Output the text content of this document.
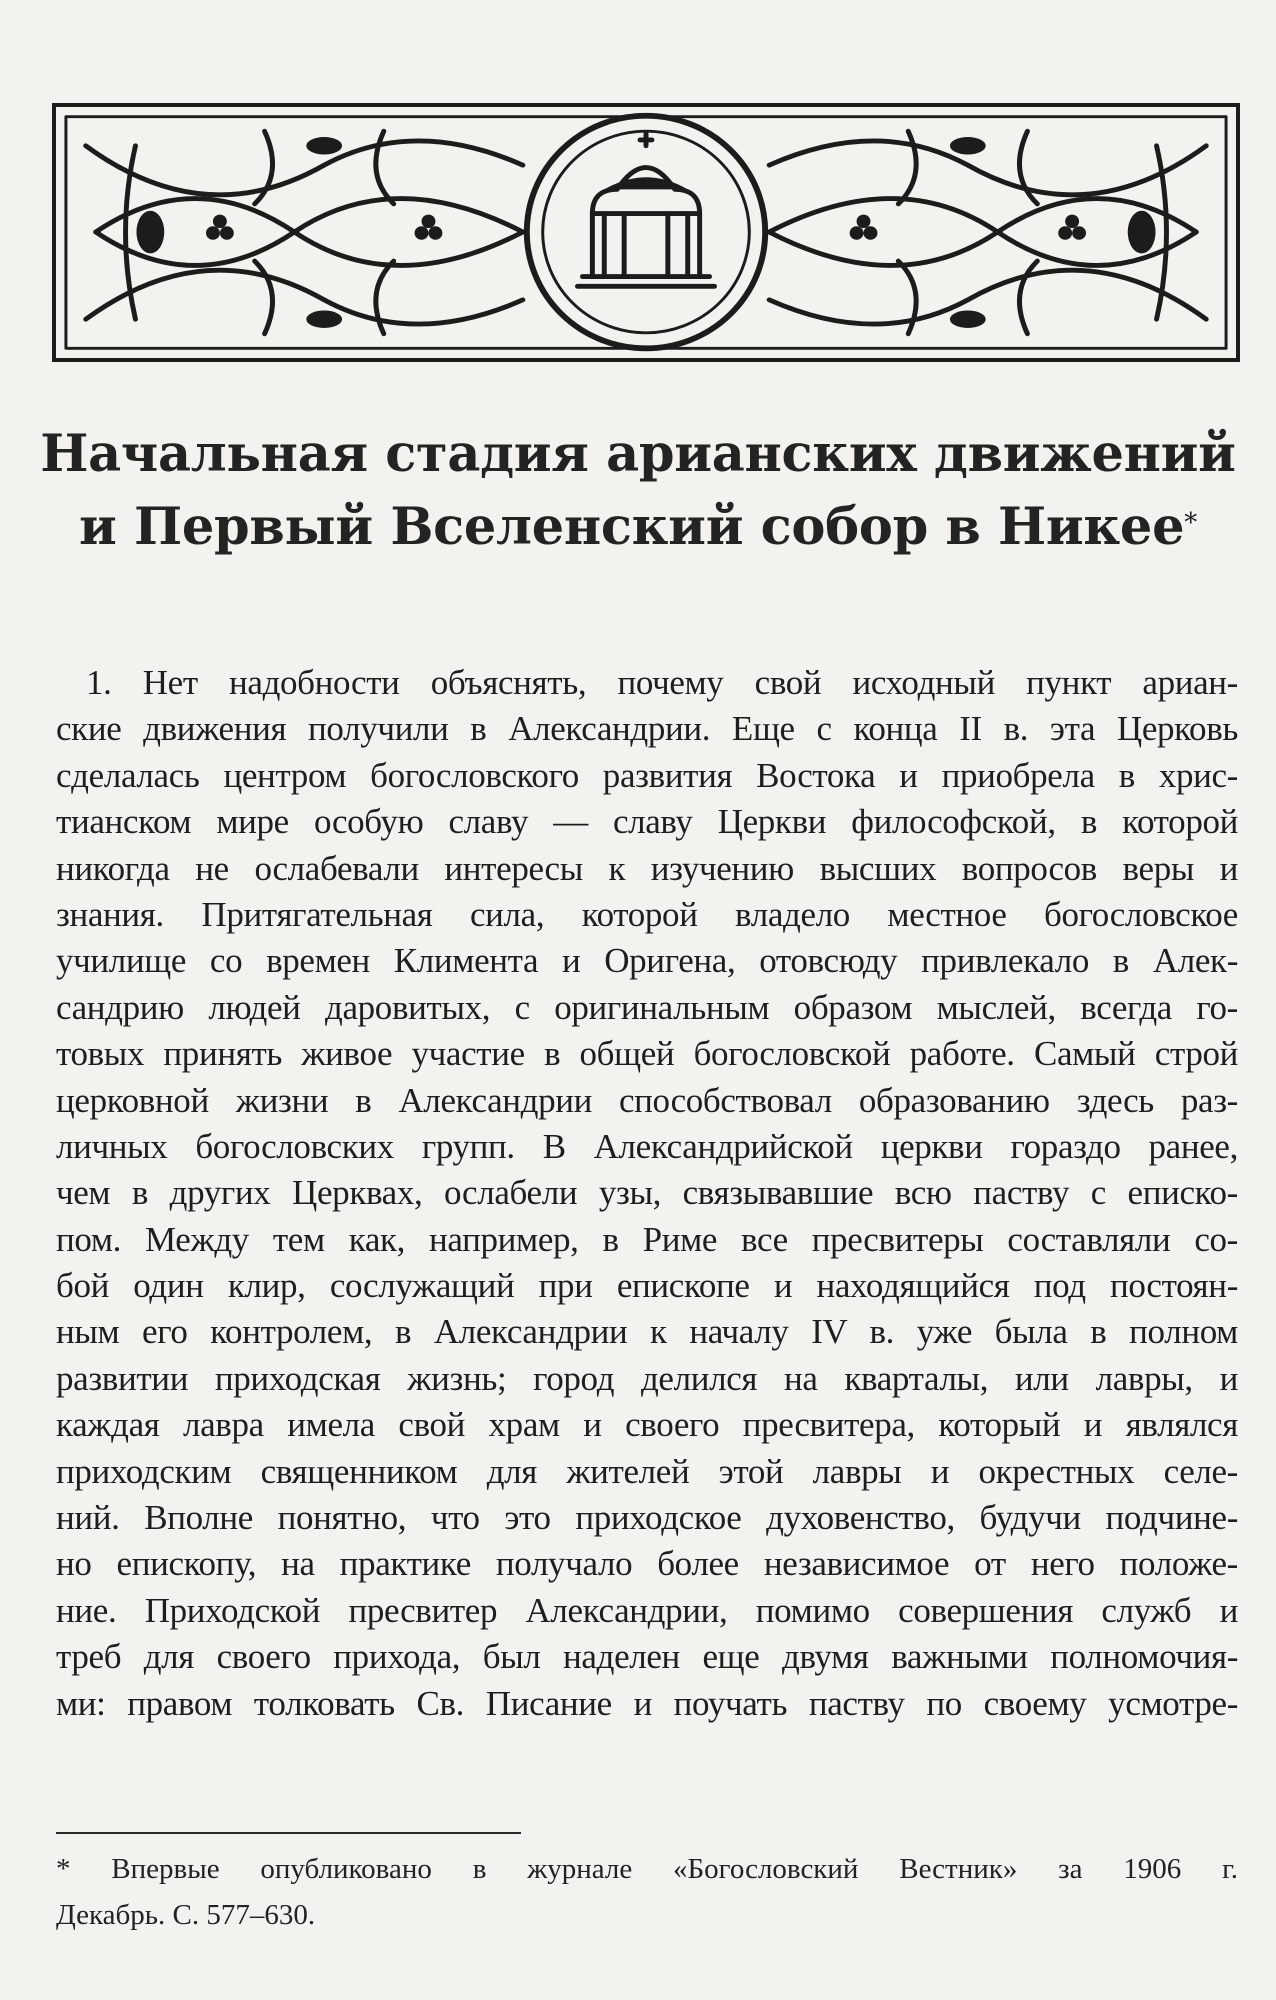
Начальная стадия арианских движений
и Первый Вселенский собор в Никее*
1. Нет надобности объяснять, почему свой исходный пункт ариан-
ские движения получили в Александрии. Еще с конца II в. эта Церковь
сделалась центром богословского развития Востока и приобрела в хрис-
тианском мире особую славу — славу Церкви философской, в которой
никогда не ослабевали интересы к изучению высших вопросов веры и
знания. Притягательная сила, которой владело местное богословское
училище со времен Климента и Оригена, отовсюду привлекало в Алек-
сандрию людей даровитых, с оригинальным образом мыслей, всегда го-
товых принять живое участие в общей богословской работе. Самый строй
церковной жизни в Александрии способствовал образованию здесь раз-
личных богословских групп. В Александрийской церкви гораздо ранее,
чем в других Церквах, ослабели узы, связывавшие всю паству с еписко-
пом. Между тем как, например, в Риме все пресвитеры составляли со-
бой один клир, сослужащий при епископе и находящийся под постоян-
ным его контролем, в Александрии к началу IV в. уже была в полном
развитии приходская жизнь; город делился на кварталы, или лавры, и
каждая лавра имела свой храм и своего пресвитера, который и являлся
приходским священником для жителей этой лавры и окрестных селе-
ний. Вполне понятно, что это приходское духовенство, будучи подчине-
но епископу, на практике получало более независимое от него положе-
ние. Приходской пресвитер Александрии, помимо совершения служб и
треб для своего прихода, был наделен еще двумя важными полномочия-
ми: правом толковать Св. Писание и поучать паству по своему усмотре-
* Впервые опубликовано в журнале «Богословский Вестник» за 1906 г.
Декабрь. С. 577–630.
